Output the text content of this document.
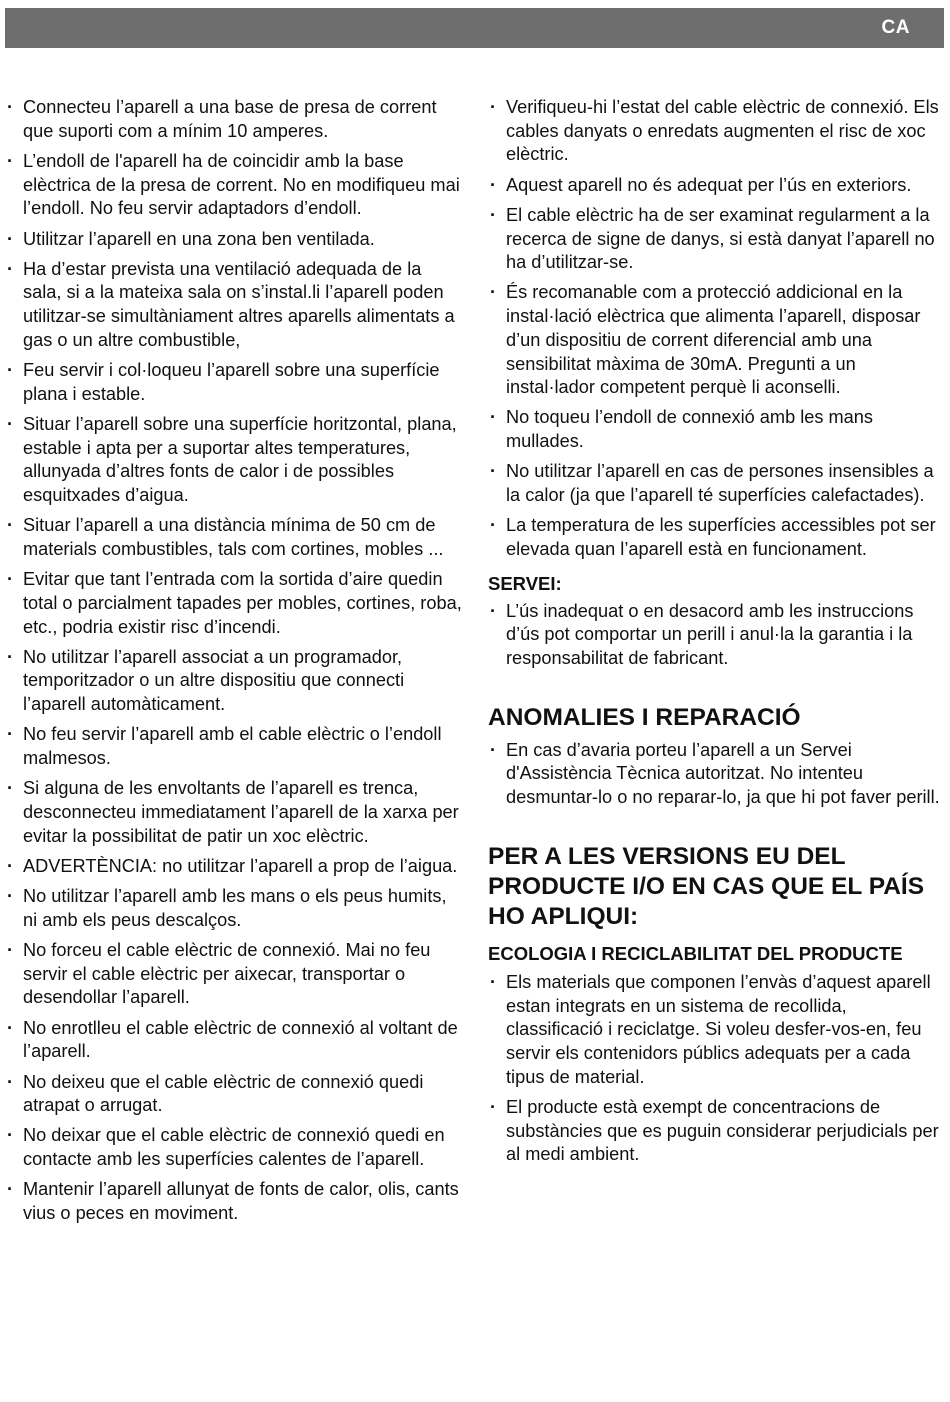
CA
· Connecteu l’aparell a una base de presa de corrent que suporti com a mínim 10 amperes.
· L’endoll de l'aparell ha de coincidir amb la base elèctrica de la presa de corrent. No en modifiqueu mai l’endoll. No feu servir adaptadors d’endoll.
· Utilitzar l’aparell en una zona ben ventilada.
· Ha d’estar prevista una ventilació adequada de la sala, si a la mateixa sala on s’instal.li l’aparell poden utilitzar-se simultàniament altres aparells alimentats a gas o un altre combustible,
· Feu servir i col·loqueu l’aparell sobre una superfície plana i estable.
· Situar l’aparell sobre una superfície horitzontal, plana, estable i apta per a suportar altes temperatures, allunyada d’altres fonts de calor i de possibles esquitxades d’aigua.
· Situar l’aparell a una distància mínima de 50 cm de materials combustibles, tals com cortines, mobles ...
· Evitar que tant l’entrada com la sortida d’aire quedin total o parcialment tapades per mobles, cortines, roba, etc., podria existir risc d’incendi.
· No utilitzar l’aparell associat a un programador, temporitzador o un altre dispositiu que connecti l’aparell automàticament.
· No feu servir l’aparell amb el cable elèctric o l’endoll malmesos.
· Si alguna de les envoltants de l’aparell es trenca, desconnecteu immediatament l’aparell de la xarxa per evitar la possibilitat de patir un xoc elèctric.
· ADVERTÈNCIA: no utilitzar l’aparell a prop de l’aigua.
· No utilitzar l’aparell amb les mans o els peus humits, ni amb els peus descalços.
· No forceu el cable elèctric de connexió. Mai no feu servir el cable elèctric per aixecar, transportar o desendollar l’aparell.
· No enrotlleu el cable elèctric de connexió al voltant de l’aparell.
· No deixeu que el cable elèctric de connexió quedi atrapat o arrugat.
· No deixar que el cable elèctric de connexió quedi en contacte amb les superfícies calentes de l’aparell.
· Mantenir l’aparell allunyat de fonts de calor, olis, cants vius o peces en moviment.
· Verifiqueu-hi l’estat del cable elèctric de connexió. Els cables danyats o enredats augmenten el risc de xoc elèctric.
· Aquest aparell no és adequat per l’ús en exteriors.
· El cable elèctric ha de ser examinat regularment a la recerca de signe de danys, si està danyat l’aparell no ha d’utilitzar-se.
· És recomanable com a protecció addicional en la instal·lació elèctrica que alimenta l’aparell, disposar d’un dispositiu de corrent diferencial amb una sensibilitat màxima de 30mA. Pregunti a un instal·lador competent perquè li aconselli.
· No toqueu l’endoll de connexió amb les mans mullades.
· No utilitzar l’aparell en cas de persones insensibles a la calor (ja que l’aparell té superfícies calefactades).
· La temperatura de les superfícies accessibles pot ser elevada quan l’aparell està en funcionament.
SERVEI:
· L’ús inadequat o en desacord amb les instruccions d’ús pot comportar un perill i anul·la la garantia i la responsabilitat de fabricant.
ANOMALIES I REPARACIÓ
· En cas d’avaria porteu l’aparell a un Servei d'Assistència Tècnica autoritzat. No intenteu desmuntar-lo o no reparar-lo, ja que hi pot faver perill.
PER A LES VERSIONS EU DEL PRODUCTE I/O EN CAS QUE EL PAÍS HO APLIQUI:
ECOLOGIA I RECICLABILITAT DEL PRODUCTE
· Els materials que componen l’envàs d’aquest aparell estan integrats en un sistema de recollida, classificació i reciclatge. Si voleu desfer-vos-en, feu servir els contenidors públics adequats per a cada tipus de material.
· El producte està exempt de concentracions de substàncies que es puguin considerar perjudicials per al medi ambient.
